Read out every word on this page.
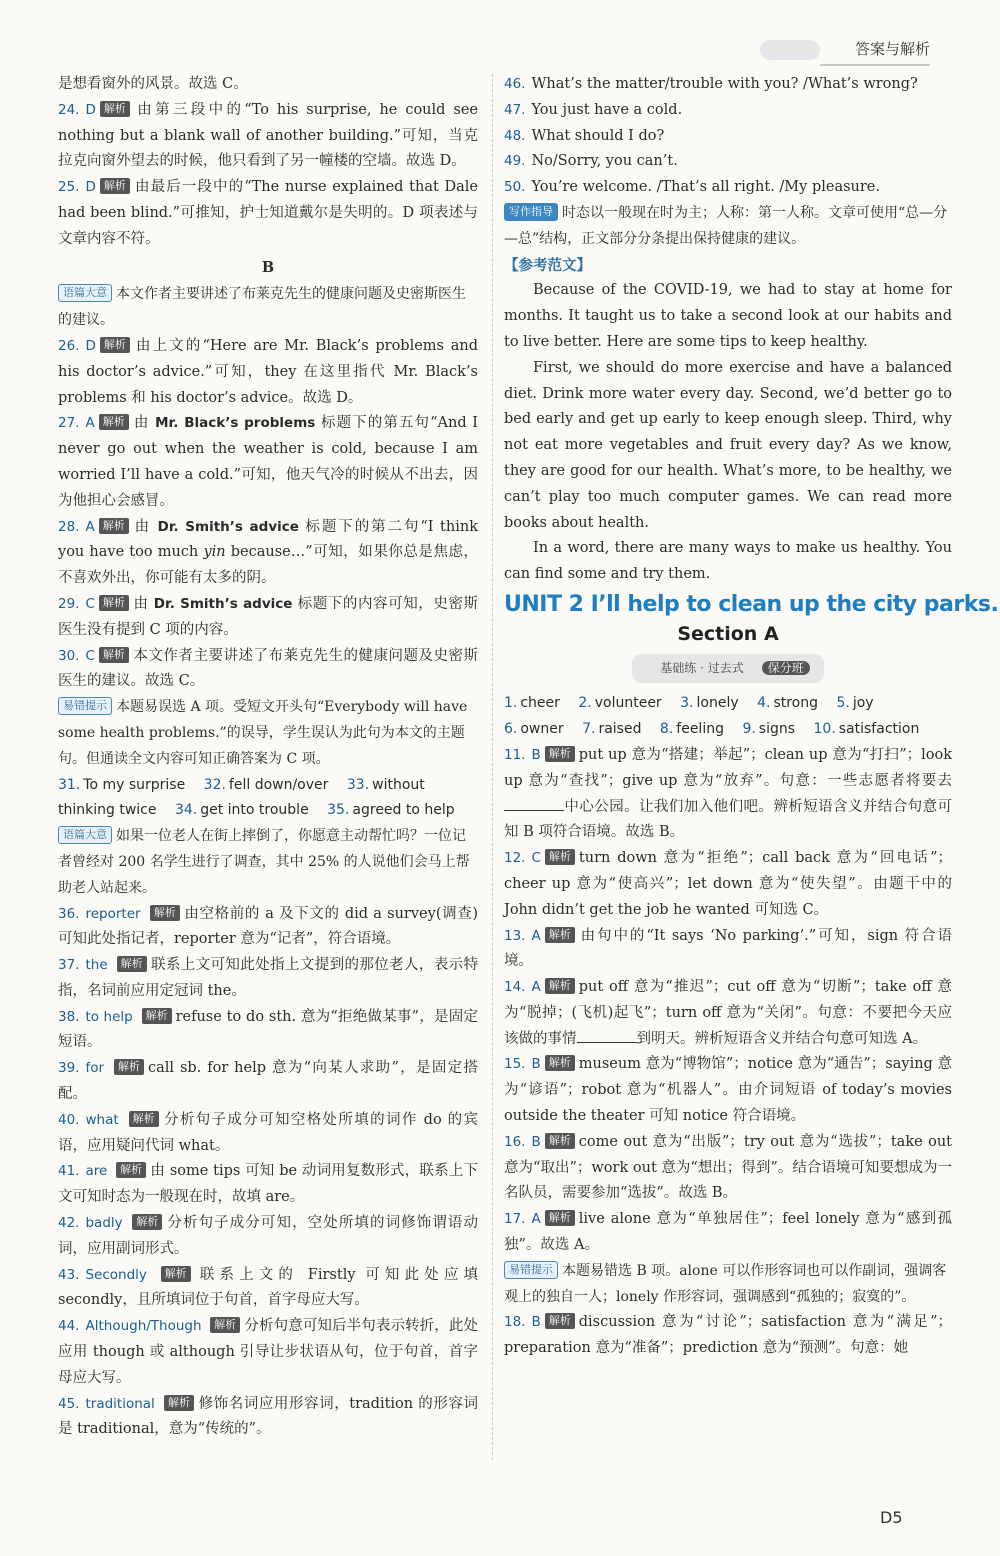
答案与解析

是想看窗外的风景。故选 C。

24. D 解析 由第三段中的“To his surprise, he could see nothing but a blank wall of another building.”可知，当克拉克向窗外望去的时候，他只看到了另一幢楼的空墙。故选 D。

25. D 解析 由最后一段中的“The nurse explained that Dale had been blind.”可推知，护士知道戴尔是失明的。D 项表述与文章内容不符。

B

语篇大意 本文作者主要讲述了布莱克先生的健康问题及史密斯医生的建议。

26. D 解析 由上文的“Here are Mr. Black’s problems and his doctor’s advice.”可知，they 在这里指代 Mr. Black’s problems 和 his doctor’s advice。故选 D。

27. A 解析 由 Mr. Black’s problems 标题下的第五句“And I never go out when the weather is cold, because I am worried I’ll have a cold.”可知，他天气冷的时候从不出去，因为他担心会感冒。

28. A 解析 由 Dr. Smith’s advice 标题下的第二句“I think you have too much yin because…”可知，如果你总是焦虑，不喜欢外出，你可能有太多的阴。

29. C 解析 由 Dr. Smith’s advice 标题下的内容可知，史密斯医生没有提到 C 项的内容。

30. C 解析 本文作者主要讲述了布莱克先生的健康问题及史密斯医生的建议。故选 C。

易错提示 本题易误选 A 项。受短文开头句“Everybody will have some health problems.”的误导，学生误认为此句为本文的主题句。但通读全文内容可知正确答案为 C 项。

31. To my surprise 32. fell down/over 33. without thinking twice 34. get into trouble 35. agreed to help

语篇大意 如果一位老人在街上摔倒了，你愿意主动帮忙吗？一位记者曾经对 200 名学生进行了调查，其中 25% 的人说他们会马上帮助老人站起来。

36. reporter 解析 由空格前的 a 及下文的 did a survey(调查)可知此处指记者，reporter 意为“记者”，符合语境。

37. the 解析 联系上文可知此处指上文提到的那位老人，表示特指，名词前应用定冠词 the。

38. to help 解析 refuse to do sth. 意为“拒绝做某事”，是固定短语。

39. for 解析 call sb. for help 意为“向某人求助”，是固定搭配。

40. what 解析 分析句子成分可知空格处所填的词作 do 的宾语，应用疑问代词 what。

41. are 解析 由 some tips 可知 be 动词用复数形式，联系上下文可知时态为一般现在时，故填 are。

42. badly 解析 分析句子成分可知，空处所填的词修饰谓语动词，应用副词形式。

43. Secondly 解析 联系上文的 Firstly 可知此处应填 secondly，且所填词位于句首，首字母应大写。

44. Although/Though 解析 分析句意可知后半句表示转折，此处应用 though 或 although 引导让步状语从句，位于句首，首字母应大写。

45. traditional 解析 修饰名词应用形容词，tradition 的形容词是 traditional，意为“传统的”。

46. What’s the matter/trouble with you? /What’s wrong?

47. You just have a cold.

48. What should I do?

49. No/Sorry, you can’t.

50. You’re welcome. /That’s all right. /My pleasure.

写作指导 时态以一般现在时为主；人称：第一人称。文章可使用“总—分—总”结构，正文部分分条提出保持健康的建议。

【参考范文】

Because of the COVID-19, we had to stay at home for months. It taught us to take a second look at our habits and to live better. Here are some tips to keep healthy.

First, we should do more exercise and have a balanced diet. Drink more water every day. Second, we’d better go to bed early and get up early to keep enough sleep. Third, why not eat more vegetables and fruit every day? As we know, they are good for our health. What’s more, to be healthy, we can’t play too much computer games. We can read more books about health.

In a word, there are many ways to make us healthy. You can find some and try them.

UNIT 2 I’ll help to clean up the city parks.

Section A

基础练 · 过去式 保分班

1. cheer 2. volunteer 3. lonely 4. strong 5. joy

6. owner 7. raised 8. feeling 9. signs 10. satisfaction

11. B 解析 put up 意为“搭建；举起”；clean up 意为“打扫”；look up 意为“查找”；give up 意为“放弃”。句意：一些志愿者将要去中心公园。让我们加入他们吧。辨析短语含义并结合句意可知 B 项符合语境。故选 B。

12. C 解析 turn down 意为“拒绝”；call back 意为“回电话”；cheer up 意为“使高兴”；let down 意为“使失望”。由题干中的 John didn’t get the job he wanted 可知选 C。

13. A 解析 由句中的“It says ‘No parking’.”可知，sign 符合语境。

14. A 解析 put off 意为“推迟”；cut off 意为“切断”；take off 意为“脱掉；(飞机)起飞”；turn off 意为“关闭”。句意：不要把今天应该做的事情	到明天。辨析短语含义并结合句意可知选 A。

15. B 解析 museum 意为“博物馆”；notice 意为“通告”；saying 意为“谚语”；robot 意为“机器人”。由介词短语 of today’s movies outside the theater 可知 notice 符合语境。

16. B 解析 come out 意为“出版”；try out 意为“选拔”；take out 意为“取出”；work out 意为“想出；得到”。结合语境可知要想成为一名队员，需要参加“选拔”。故选 B。

17. A 解析 live alone 意为“单独居住”；feel lonely 意为“感到孤独”。故选 A。

易错提示 本题易错选 B 项。alone 可以作形容词也可以作副词，强调客观上的独自一人；lonely 作形容词，强调感到“孤独的；寂寞的”。

18. B 解析 discussion 意为“讨论”；satisfaction 意为“满足”；preparation 意为“准备”；prediction 意为“预测”。句意：她

D5
